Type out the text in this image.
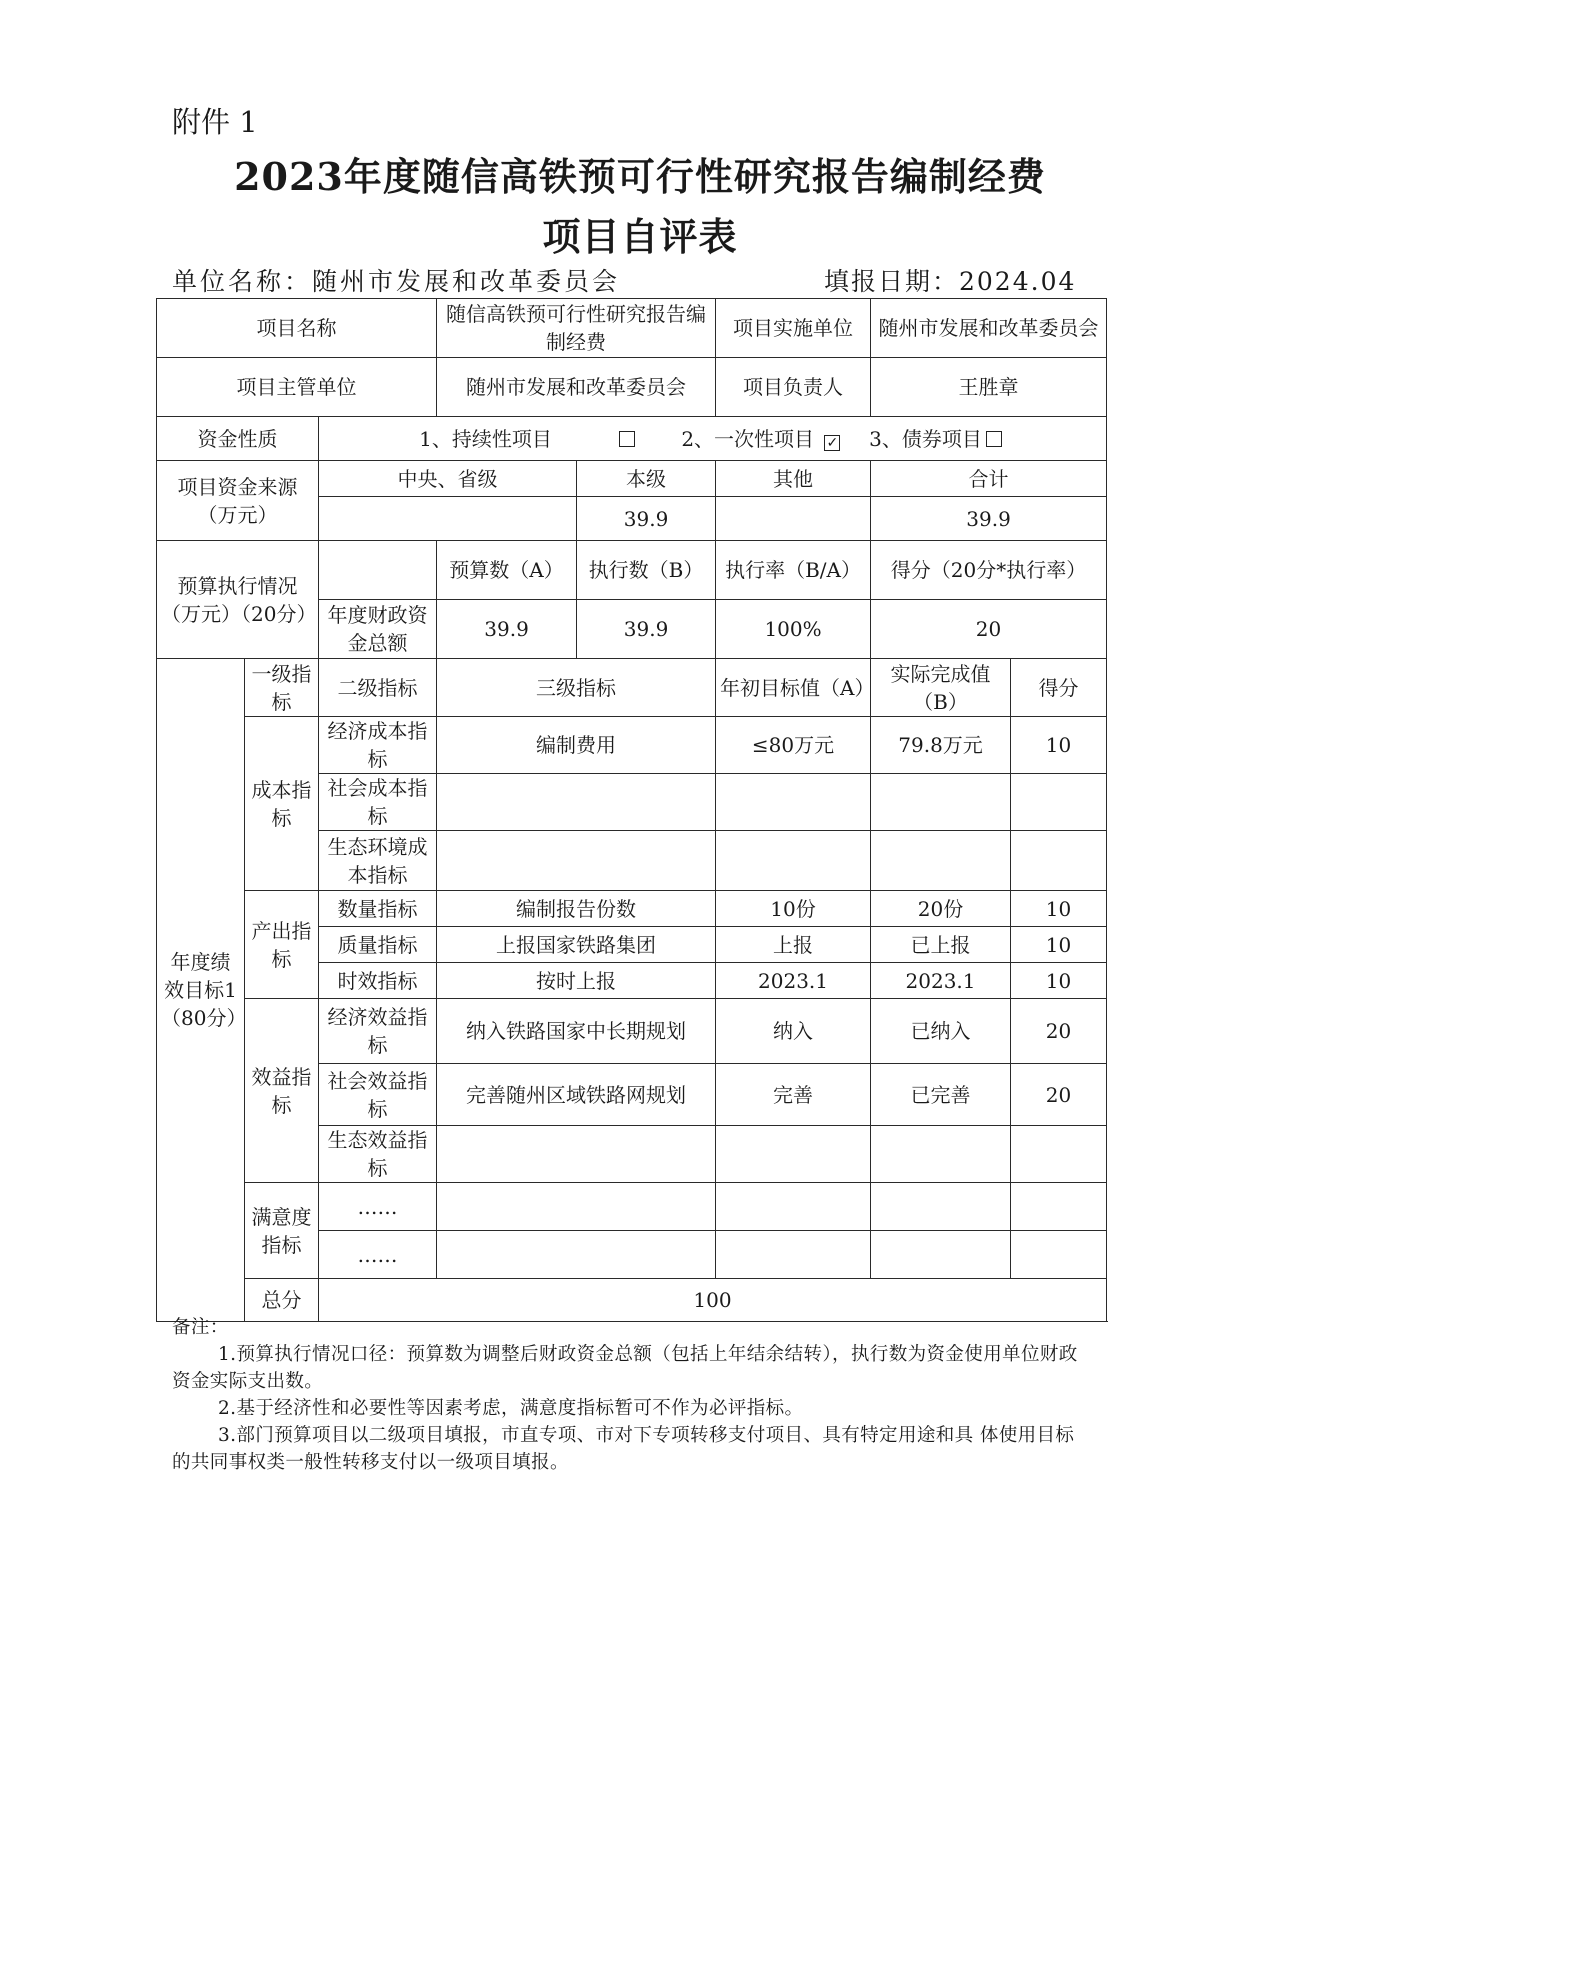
附件 1
2023年度随信高铁预可行性研究报告编制经费
项目自评表
单位名称：随州市发展和改革委员会	填报日期：2024.04
项目名称			随信高铁预可行性研究报告编制经费		项目实施单位	随州市发展和改革委员会	
项目主管单位			随州市发展和改革委员会		项目负责人	王胜章	
资金性质		1、持续性项目 2、一次性项目 ✓ 3、债券项目					
项目资金来源（万元）		中央、省级		本级	其他	合计	
				39.9		39.9	
预算执行情况（万元）（20分）			预算数（A）	执行数（B）	执行率（B/A）	得分（20分*执行率）	
		年度财政资金总额	39.9	39.9	100%	20	
年度绩效目标1（80分）	一级指标	二级指标	三级指标		年初目标值（A）	实际完成值（B）	得分
	成本指标	经济成本指标	编制费用		≤80万元	79.8万元	10
		社会成本指标					
		生态环境成本指标					
	产出指标	数量指标	编制报告份数		10份	20份	10
		质量指标	上报国家铁路集团		上报	已上报	10
		时效指标	按时上报		2023.1	2023.1	10
	效益指标	经济效益指标	纳入铁路国家中长期规划		纳入	已纳入	20
		社会效益指标	完善随州区域铁路网规划		完善	已完善	20
		生态效益指标					
	满意度指标	……					
		……					
	总分	100					

备注：

1.预算执行情况口径：预算数为调整后财政资金总额（包括上年结余结转），执行数为资金使用单位财政资金实际支出数。

2.基于经济性和必要性等因素考虑，满意度指标暂可不作为必评指标。

3.部门预算项目以二级项目填报，市直专项、市对下专项转移支付项目、具有特定用途和具 体使用目标的共同事权类一般性转移支付以一级项目填报。
